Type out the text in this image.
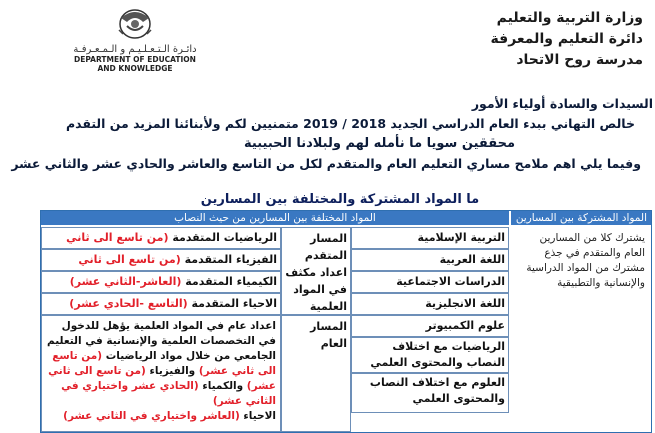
وزارة التربية والتعليم
دائرة التعليم والمعرفة
مدرسة روح الاتحاد
دائـرة الـتـعـلـيـم و الـمـعـرفـة
DEPARTMENT OF EDUCATION
AND KNOWLEDGE
السيدات والسادة أولياء الأمور
خالص التهاني ببدء العام الدراسي الجديد 2018 / 2019 متمنيين لكم ولأبنائنا المزيد من التقدم
محققين سويا ما نأمله لهم ولبلادنا الحبيبية
وفيما يلي اهم ملامح مساري التعليم العام والمتقدم لكل من التاسع والعاشر والحادي عشر والثاني عشر
ما المواد المشتركة والمختلفة بين المسارين
المواد المشتركة بين المسارين
المواد المختلفة بين المسارين من حيث النصاب
يشترك كلا من المسارين العام والمتقدم في جذع مشترك من المواد الدراسية والإنسانية والتطبيقية
التربية الإسلامية
اللغة العربية
الدراسات الاجتماعية
اللغة الانجليزية
علوم الكمبيوتر
الرياضيات مع اختلاف النصاب والمحتوى العلمي
العلوم مع اختلاف النصاب والمحتوى العلمي
المسار المتقدم اعداد مكثف في المواد العلمية
المسار العام
الرياضيات المتقدمة (من تاسع الى ثاني
الفيزياء المتقدمة (من تاسع الى ثاني
الكيمياء المتقدمة (العاشر-الثاني عشر)
الاحياء المتقدمة (التاسع -الحادي عشر)
اعداد عام في المواد العلمية يؤهل للدخول في التخصصات العلمية والإنسانية في التعليم الجامعي من خلال مواد الرياضيات (من تاسع الى ثاني عشر) والفيزياء (من تاسع الى ثاني عشر) والكمياء (الحادي عشر واختياري في الثاني عشر)
الاحياء (العاشر واختياري في الثاني عشر)
